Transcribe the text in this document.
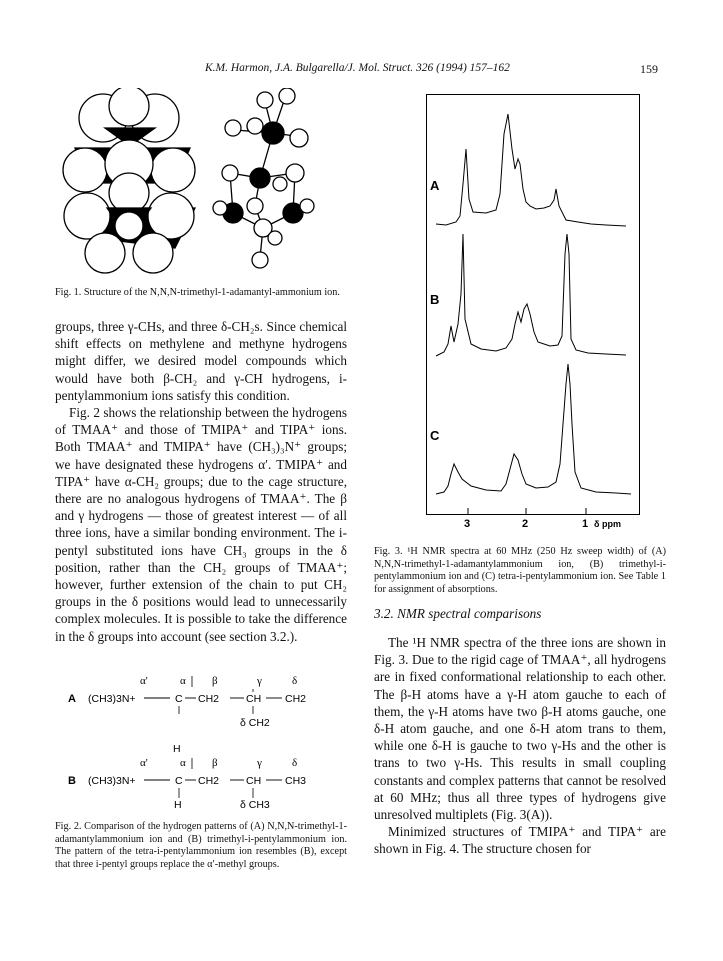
K.M. Harmon, J.A. Bulgarella/J. Mol. Struct. 326 (1994) 157–162	159
Fig. 1. Structure of the N,N,N-trimethyl-1-adamantyl-ammonium ion.

groups, three γ-CHs, and three δ-CH₂s. Since chemical shift effects on methylene and methyne hydrogens might differ, we desired model compounds which would have both β-CH₂ and γ-CH hydrogens, i-pentylammonium ions satisfy this condition.

Fig. 2 shows the relationship between the hydrogens of TMAA⁺ and those of TMIPA⁺ and TIPA⁺ ions. Both TMAA⁺ and TMIPA⁺ have (CH₃)₃N⁺ groups; we have designated these hydrogens α′. TMIPA⁺ and TIPA⁺ have α-CH₂ groups; due to the cage structure, there are no analogous hydrogens of TMAA⁺. The β and γ hydrogens — those of greatest interest — of all three ions, have a similar bonding environment. The i-pentyl substituted ions have CH₃ groups in the δ position, rather than the CH₂ groups of TMAA⁺; however, further extension of the chain to put CH₂ groups in the δ positions would lead to unnecessarily complex molecules. It is possible to take the difference in the δ groups into account (see section 3.2.).

α'	α β	γ	δ
A (CH3)3N+	C CH2	CH CH2
δ CH2
H
α'	α β	γ	δ
B (CH3)3N+	C CH2	CH CH3
H	δ CH3
Fig. 2. Comparison of the hydrogen patterns of (A) N,N,N-trimethyl-1-adamantylammonium ion and (B) trimethyl-i-pentylammonium ion. The pattern of the tetra-i-pentylammonium ion resembles (B), except that three i-pentyl groups replace the α′-methyl groups.
A
B
C
3	2	1 δ ppm
Fig. 3. ¹H NMR spectra at 60 MHz (250 Hz sweep width) of (A) N,N,N-trimethyl-1-adamantylammonium ion, (B) trimethyl-i-pentylammonium ion and (C) tetra-i-pentylammonium ion. See Table 1 for assignment of absorptions.
3.2. NMR spectral comparisons

The ¹H NMR spectra of the three ions are shown in Fig. 3. Due to the rigid cage of TMAA⁺, all hydrogens are in fixed conformational relationship to each other. The β-H atoms have a γ-H atom gauche to each of them, the γ-H atoms have two β-H atoms gauche, one δ-H atom gauche, and one δ-H atom trans to them, while one δ-H is gauche to two γ-Hs and the other is trans to two γ-Hs. This results in small coupling constants and complex patterns that cannot be resolved at 60 MHz; thus all three types of hydrogens give unresolved multiplets (Fig. 3(A)).

Minimized structures of TMIPA⁺ and TIPA⁺ are shown in Fig. 4. The structure chosen for
